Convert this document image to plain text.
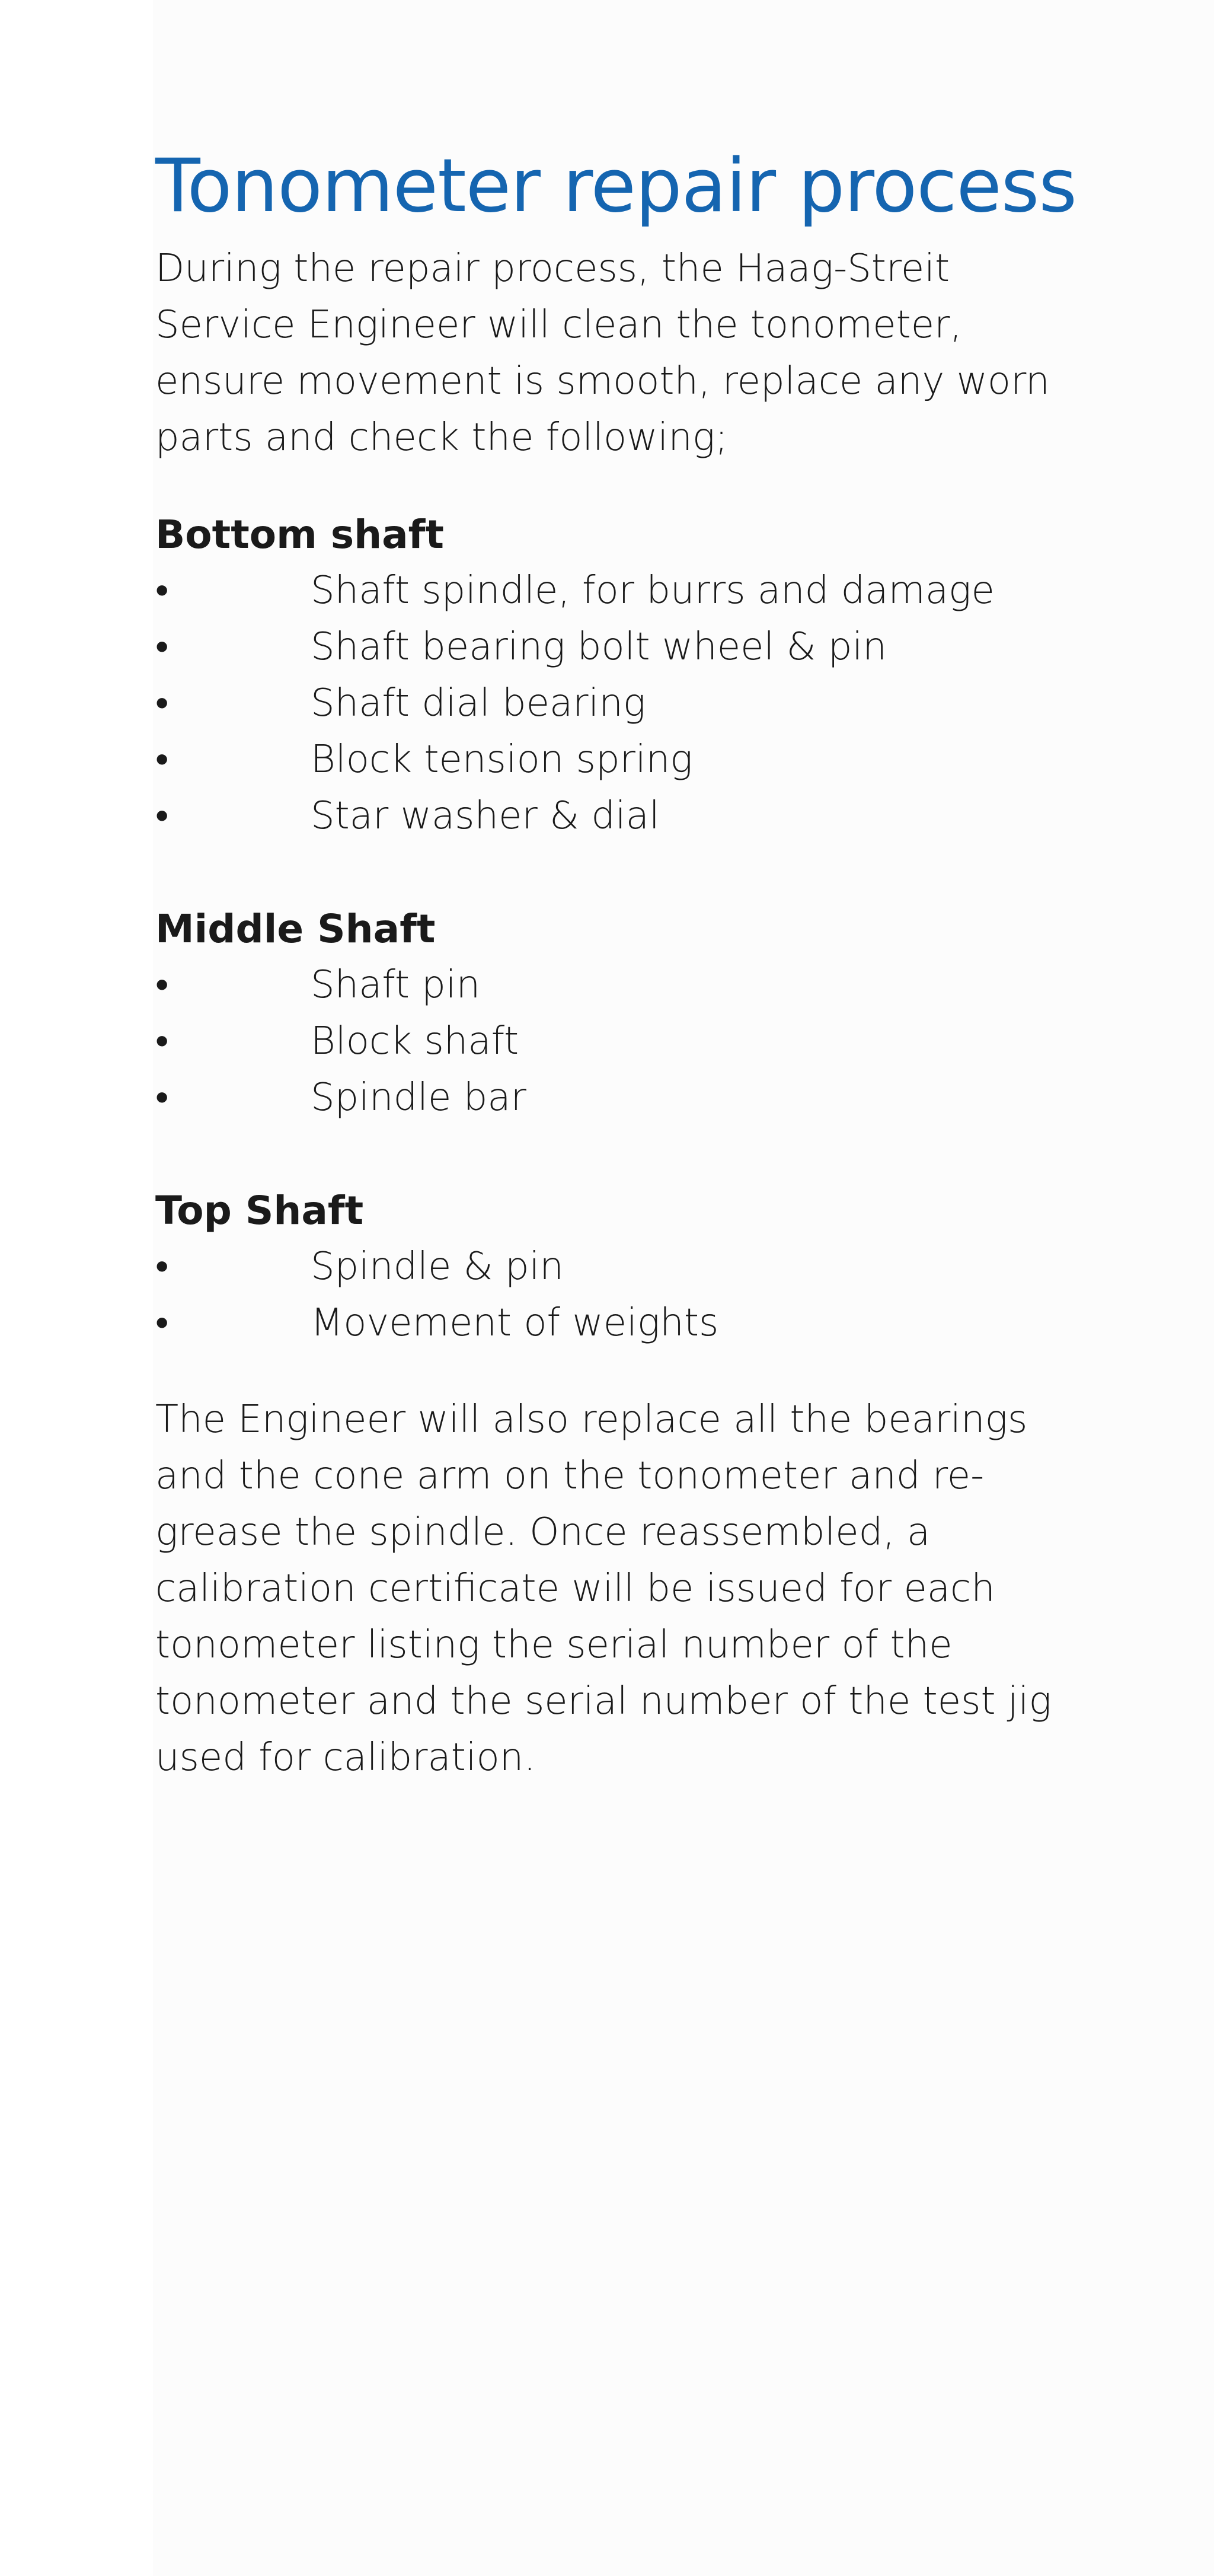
Tonometer repair process

During the repair process, the Haag-Streit Service Engineer will clean the tonometer, ensure movement is smooth, replace any worn parts and check the following;

Bottom shaft
•	Shaft spindle, for burrs and damage
•	Shaft bearing bolt wheel & pin
•	Shaft dial bearing
•	Block tension spring
•	Star washer & dial
Middle Shaft
•	Shaft pin
•	Block shaft
•	Spindle bar
Top Shaft
•	Spindle & pin
•	Movement of weights

The Engineer will also replace all the bearings and the cone arm on the tonometer and re-grease the spindle. Once reassembled, a calibration certificate will be issued for each tonometer listing the serial number of the tonometer and the serial number of the test jig used for calibration.
